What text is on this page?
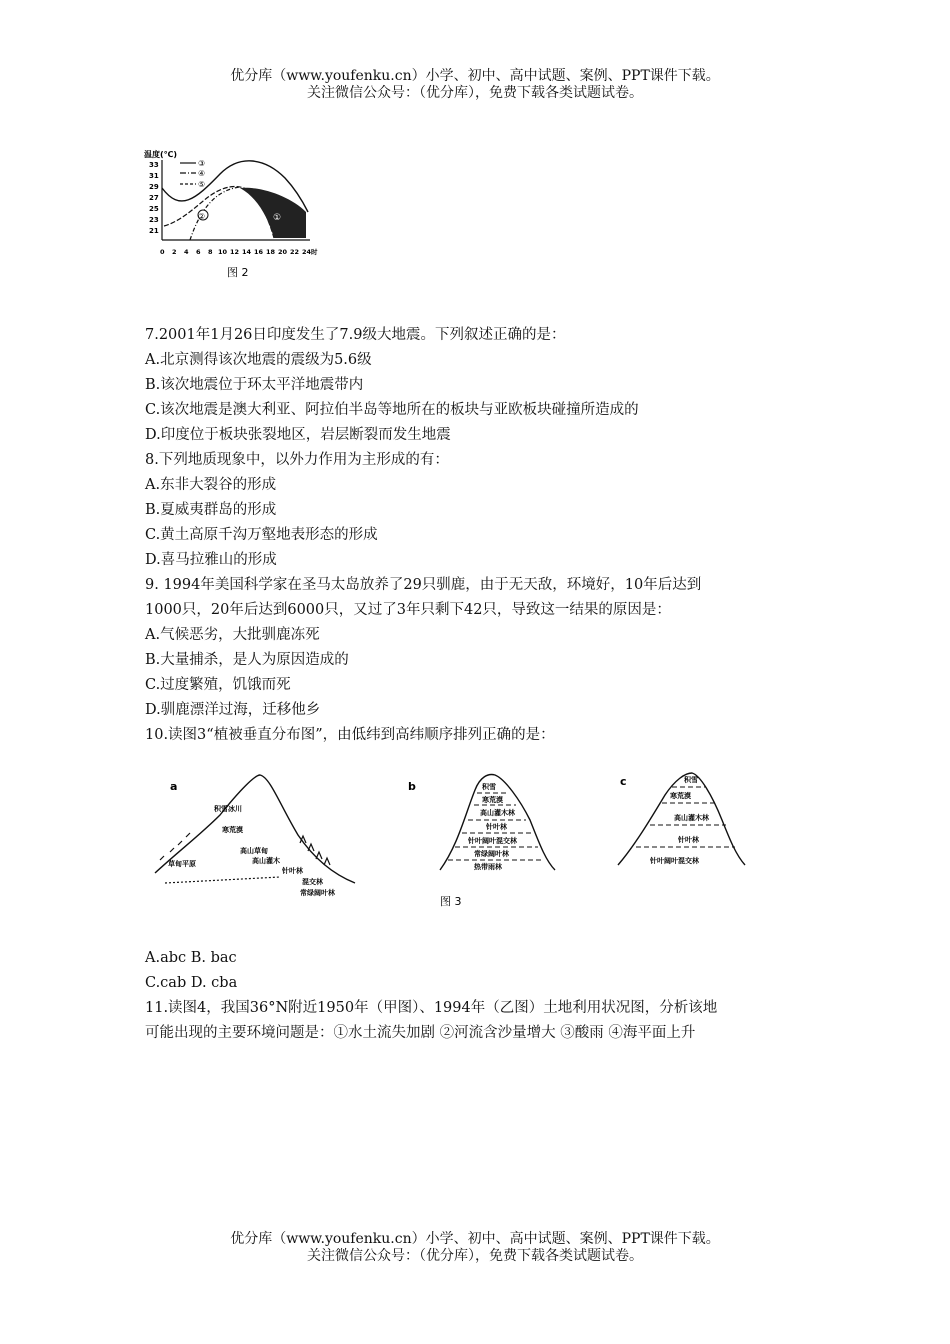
优分库（www.youfenku.cn）小学、初中、高中试题、案例、PPT课件下载。
关注微信公众号：（优分库），免费下载各类试题试卷。
温度(℃)
33
31
29
27
25
23
21
③
④
⑤
②	①
0 2 4 6 8 10 12 14 16 18 20 22 24时
图 2
7.2001年1月26日印度发生了7.9级大地震。下列叙述正确的是：
A.北京测得该次地震的震级为5.6级
B.该次地震位于环太平洋地震带内
C.该次地震是澳大利亚、阿拉伯半岛等地所在的板块与亚欧板块碰撞所造成的
D.印度位于板块张裂地区，岩层断裂而发生地震
8.下列地质现象中，以外力作用为主形成的有：
A.东非大裂谷的形成
B.夏威夷群岛的形成
C.黄土高原千沟万壑地表形态的形成
D.喜马拉雅山的形成
9. 1994年美国科学家在圣马太岛放养了29只驯鹿，由于无天敌，环境好，10年后达到
1000只，20年后达到6000只，又过了3年只剩下42只，导致这一结果的原因是：
A.气候恶劣，大批驯鹿冻死
B.大量捕杀，是人为原因造成的
C.过度繁殖，饥饿而死
D.驯鹿漂洋过海，迁移他乡
10.读图3“植被垂直分布图”，由低纬到高纬顺序排列正确的是：
A.abc B. bac
C.cab D. cba
11.读图4，我国36°N附近1950年（甲图）、1994年（乙图）土地利用状况图，分析该地
可能出现的主要环境问题是：①水土流失加剧 ②河流含沙量增大 ③酸雨 ④海平面上升
a
积雪冰川
寒荒漠
高山草甸
高山灌木
针叶林
混交林
常绿阔叶林
草甸平原
b	积雪
寒荒漠
高山灌木林
针叶林
针叶阔叶混交林
常绿阔叶林
热带雨林
c	积雪
寒荒漠
高山灌木林
针叶林
针叶阔叶混交林
图 3
优分库（www.youfenku.cn）小学、初中、高中试题、案例、PPT课件下载。
关注微信公众号：（优分库），免费下载各类试题试卷。
